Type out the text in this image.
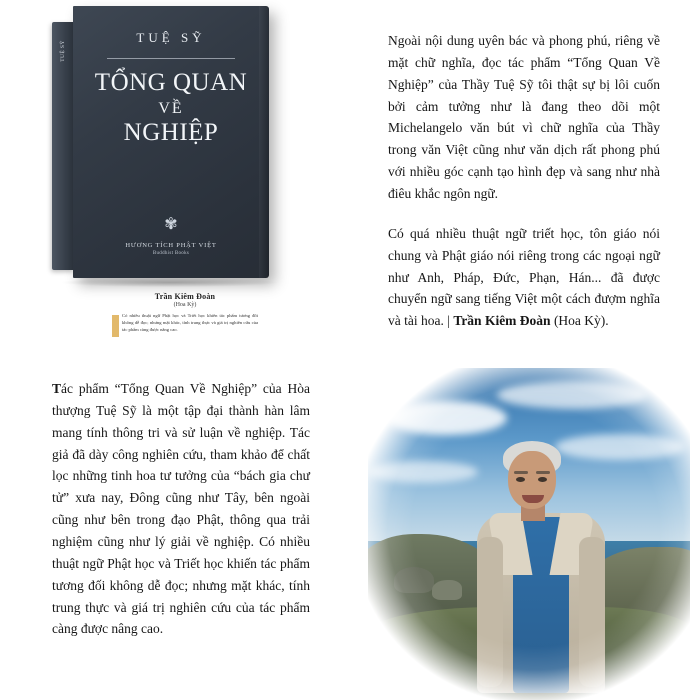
TUỆ SỸ
TUỆ SỸ
TỔNG QUAN
VỀ
NGHIỆP
✾
HƯƠNG TÍCH PHẬT VIỆT
Buddhist Books
Trần Kiêm Đoàn
(Hoa Kỳ)
Có nhiều thuật ngữ Phật học và Triết học khiến tác phẩm tương đối không dễ đọc; nhưng mặt khác, tính trung thực và giá trị nghiên cứu của tác phẩm càng được nâng cao.
Tác phẩm “Tổng Quan Về Nghiệp” của Hòa thượng Tuệ Sỹ là một tập đại thành hàn lâm mang tính thông tri và sử luận về nghiệp. Tác giả đã dày công nghiên cứu, tham khảo để chất lọc những tinh hoa tư tưởng của “bách gia chư tử” xưa nay, Đông cũng như Tây, bên ngoài cũng như bên trong đạo Phật, thông qua trải nghiệm cũng như lý giải về nghiệp. Có nhiều thuật ngữ Phật học và Triết học khiến tác phẩm tương đối không dễ đọc; nhưng mặt khác, tính trung thực và giá trị nghiên cứu của tác phẩm càng được nâng cao.

Ngoài nội dung uyên bác và phong phú, riêng về mặt chữ nghĩa, đọc tác phẩm “Tổng Quan Về Nghiệp” của Thầy Tuệ Sỹ tôi thật sự bị lôi cuốn bởi cảm tưởng như là đang theo dõi một Michelangelo văn bút vì chữ nghĩa của Thầy trong văn Việt cũng như văn dịch rất phong phú với nhiều góc cạnh tạo hình đẹp và sang như nhà điêu khắc ngôn ngữ.

Có quá nhiều thuật ngữ triết học, tôn giáo nói chung và Phật giáo nói riêng trong các ngoại ngữ như Anh, Pháp, Đức, Phạn, Hán... đã được chuyển ngữ sang tiếng Việt một cách đượm nghĩa và tài hoa. | Trần Kiêm Đoàn (Hoa Kỳ).
